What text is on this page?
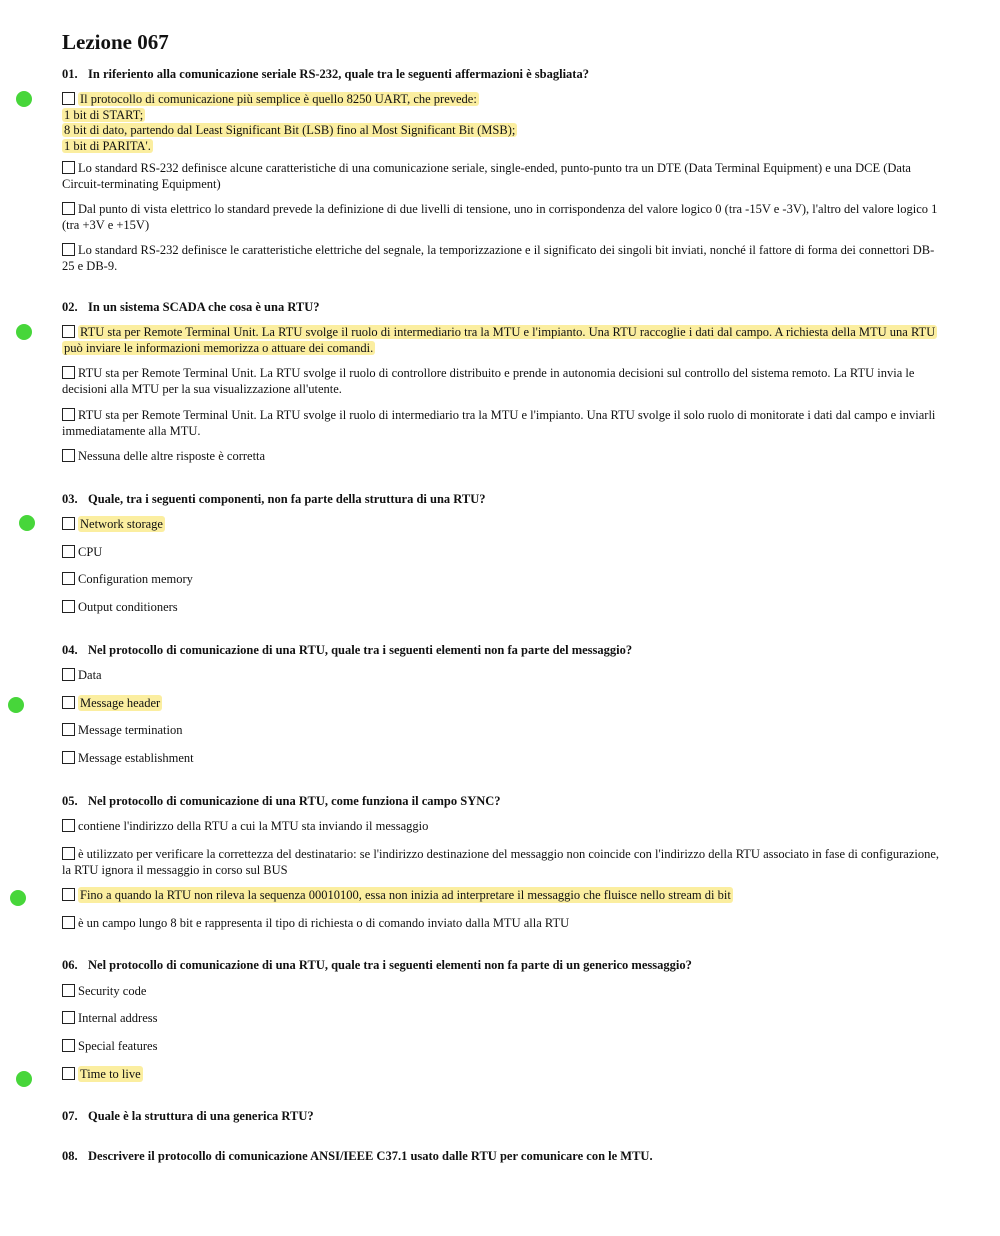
Lezione 067
01. In riferiento alla comunicazione seriale RS-232, quale tra le seguenti affermazioni è sbagliata?
Il protocollo di comunicazione più semplice è quello 8250 UART, che prevede:
1 bit di START;
8 bit di dato, partendo dal Least Significant Bit (LSB) fino al Most Significant Bit (MSB);
1 bit di PARITA'.
Lo standard RS-232 definisce alcune caratteristiche di una comunicazione seriale, single-ended, punto-punto tra un DTE (Data Terminal Equipment) e una DCE (Data Circuit-terminating Equipment)
Dal punto di vista elettrico lo standard prevede la definizione di due livelli di tensione, uno in corrispondenza del valore logico 0 (tra -15V e -3V), l'altro del valore logico 1 (tra +3V e +15V)
Lo standard RS-232 definisce le caratteristiche elettriche del segnale, la temporizzazione e il significato dei singoli bit inviati, nonché il fattore di forma dei connettori DB-25 e DB-9.
02. In un sistema SCADA che cosa è una RTU?
RTU sta per Remote Terminal Unit. La RTU svolge il ruolo di intermediario tra la MTU e l'impianto. Una RTU raccoglie i dati dal campo. A richiesta della MTU una RTU può inviare le informazioni memorizza o attuare dei comandi.
RTU sta per Remote Terminal Unit. La RTU svolge il ruolo di controllore distribuito e prende in autonomia decisioni sul controllo del sistema remoto. La RTU invia le decisioni alla MTU per la sua visualizzazione all'utente.
RTU sta per Remote Terminal Unit. La RTU svolge il ruolo di intermediario tra la MTU e l'impianto. Una RTU svolge il solo ruolo di monitorate i dati dal campo e inviarli immediatamente alla MTU.
Nessuna delle altre risposte è corretta
03. Quale, tra i seguenti componenti, non fa parte della struttura di una RTU?
Network storage
CPU
Configuration memory
Output conditioners
04. Nel protocollo di comunicazione di una RTU, quale tra i seguenti elementi non fa parte del messaggio?
Data
Message header
Message termination
Message establishment
05. Nel protocollo di comunicazione di una RTU, come funziona il campo SYNC?
contiene l'indirizzo della RTU a cui la MTU sta inviando il messaggio
è utilizzato per verificare la correttezza del destinatario: se l'indirizzo destinazione del messaggio non coincide con l'indirizzo della RTU associato in fase di configurazione, la RTU ignora il messaggio in corso sul BUS
Fino a quando la RTU non rileva la sequenza 00010100, essa non inizia ad interpretare il messaggio che fluisce nello stream di bit
è un campo lungo 8 bit e rappresenta il tipo di richiesta o di comando inviato dalla MTU alla RTU
06. Nel protocollo di comunicazione di una RTU, quale tra i seguenti elementi non fa parte di un generico messaggio?
Security code
Internal address
Special features
Time to live
07. Quale è la struttura di una generica RTU?
08. Descrivere il protocollo di comunicazione ANSI/IEEE C37.1 usato dalle RTU per comunicare con le MTU.
